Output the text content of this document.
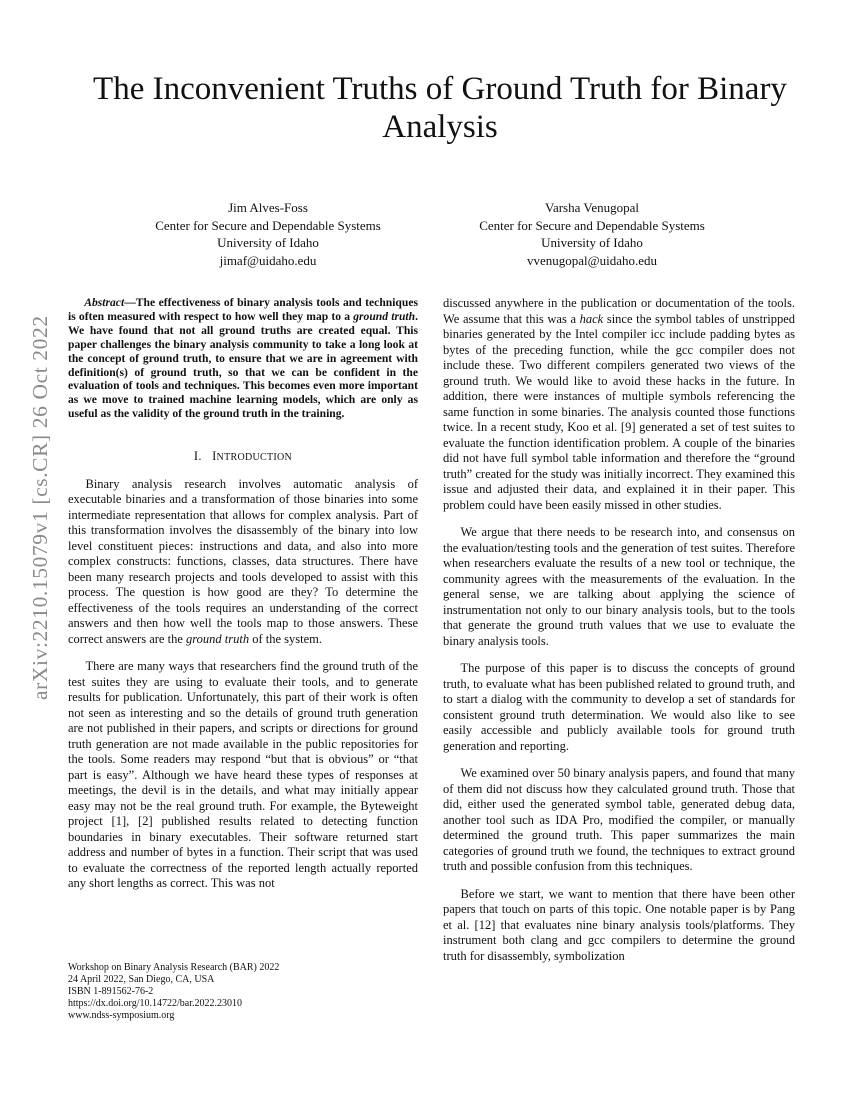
arXiv:2210.15079v1 [cs.CR] 26 Oct 2022
The Inconvenient Truths of Ground Truth for Binary Analysis
Jim Alves-Foss
Center for Secure and Dependable Systems
University of Idaho
jimaf@uidaho.edu
Varsha Venugopal
Center for Secure and Dependable Systems
University of Idaho
vvenugopal@uidaho.edu

Abstract—The effectiveness of binary analysis tools and techniques is often measured with respect to how well they map to a ground truth. We have found that not all ground truths are created equal. This paper challenges the binary analysis community to take a long look at the concept of ground truth, to ensure that we are in agreement with definition(s) of ground truth, so that we can be confident in the evaluation of tools and techniques. This becomes even more important as we move to trained machine learning models, which are only as useful as the validity of the ground truth in the training.

I. INTRODUCTION

Binary analysis research involves automatic analysis of executable binaries and a transformation of those binaries into some intermediate representation that allows for complex analysis. Part of this transformation involves the disassembly of the binary into low level constituent pieces: instructions and data, and also into more complex constructs: functions, classes, data structures. There have been many research projects and tools developed to assist with this process. The question is how good are they? To determine the effectiveness of the tools requires an understanding of the correct answers and then how well the tools map to those answers. These correct answers are the ground truth of the system.

There are many ways that researchers find the ground truth of the test suites they are using to evaluate their tools, and to generate results for publication. Unfortunately, this part of their work is often not seen as interesting and so the details of ground truth generation are not published in their papers, and scripts or directions for ground truth generation are not made available in the public repositories for the tools. Some readers may respond “but that is obvious” or “that part is easy”. Although we have heard these types of responses at meetings, the devil is in the details, and what may initially appear easy may not be the real ground truth. For example, the Byteweight project [1], [2] published results related to detecting function boundaries in binary executables. Their software returned start address and number of bytes in a function. Their script that was used to evaluate the correctness of the reported length actually reported any short lengths as correct. This was not

discussed anywhere in the publication or documentation of the tools. We assume that this was a hack since the symbol tables of unstripped binaries generated by the Intel compiler icc include padding bytes as bytes of the preceding function, while the gcc compiler does not include these. Two different compilers generated two views of the ground truth. We would like to avoid these hacks in the future. In addition, there were instances of multiple symbols referencing the same function in some binaries. The analysis counted those functions twice. In a recent study, Koo et al. [9] generated a set of test suites to evaluate the function identification problem. A couple of the binaries did not have full symbol table information and therefore the “ground truth” created for the study was initially incorrect. They examined this issue and adjusted their data, and explained it in their paper. This problem could have been easily missed in other studies.

We argue that there needs to be research into, and consensus on the evaluation/testing tools and the generation of test suites. Therefore when researchers evaluate the results of a new tool or technique, the community agrees with the measurements of the evaluation. In the general sense, we are talking about applying the science of instrumentation not only to our binary analysis tools, but to the tools that generate the ground truth values that we use to evaluate the binary analysis tools.

The purpose of this paper is to discuss the concepts of ground truth, to evaluate what has been published related to ground truth, and to start a dialog with the community to develop a set of standards for consistent ground truth determination. We would also like to see easily accessible and publicly available tools for ground truth generation and reporting.

We examined over 50 binary analysis papers, and found that many of them did not discuss how they calculated ground truth. Those that did, either used the generated symbol table, generated debug data, another tool such as IDA Pro, modified the compiler, or manually determined the ground truth. This paper summarizes the main categories of ground truth we found, the techniques to extract ground truth and possible confusion from this techniques.

Before we start, we want to mention that there have been other papers that touch on parts of this topic. One notable paper is by Pang et al. [12] that evaluates nine binary analysis tools/platforms. They instrument both clang and gcc compilers to determine the ground truth for disassembly, symbolization

Workshop on Binary Analysis Research (BAR) 2022
24 April 2022, San Diego, CA, USA
ISBN 1-891562-76-2
https://dx.doi.org/10.14722/bar.2022.23010
www.ndss-symposium.org
